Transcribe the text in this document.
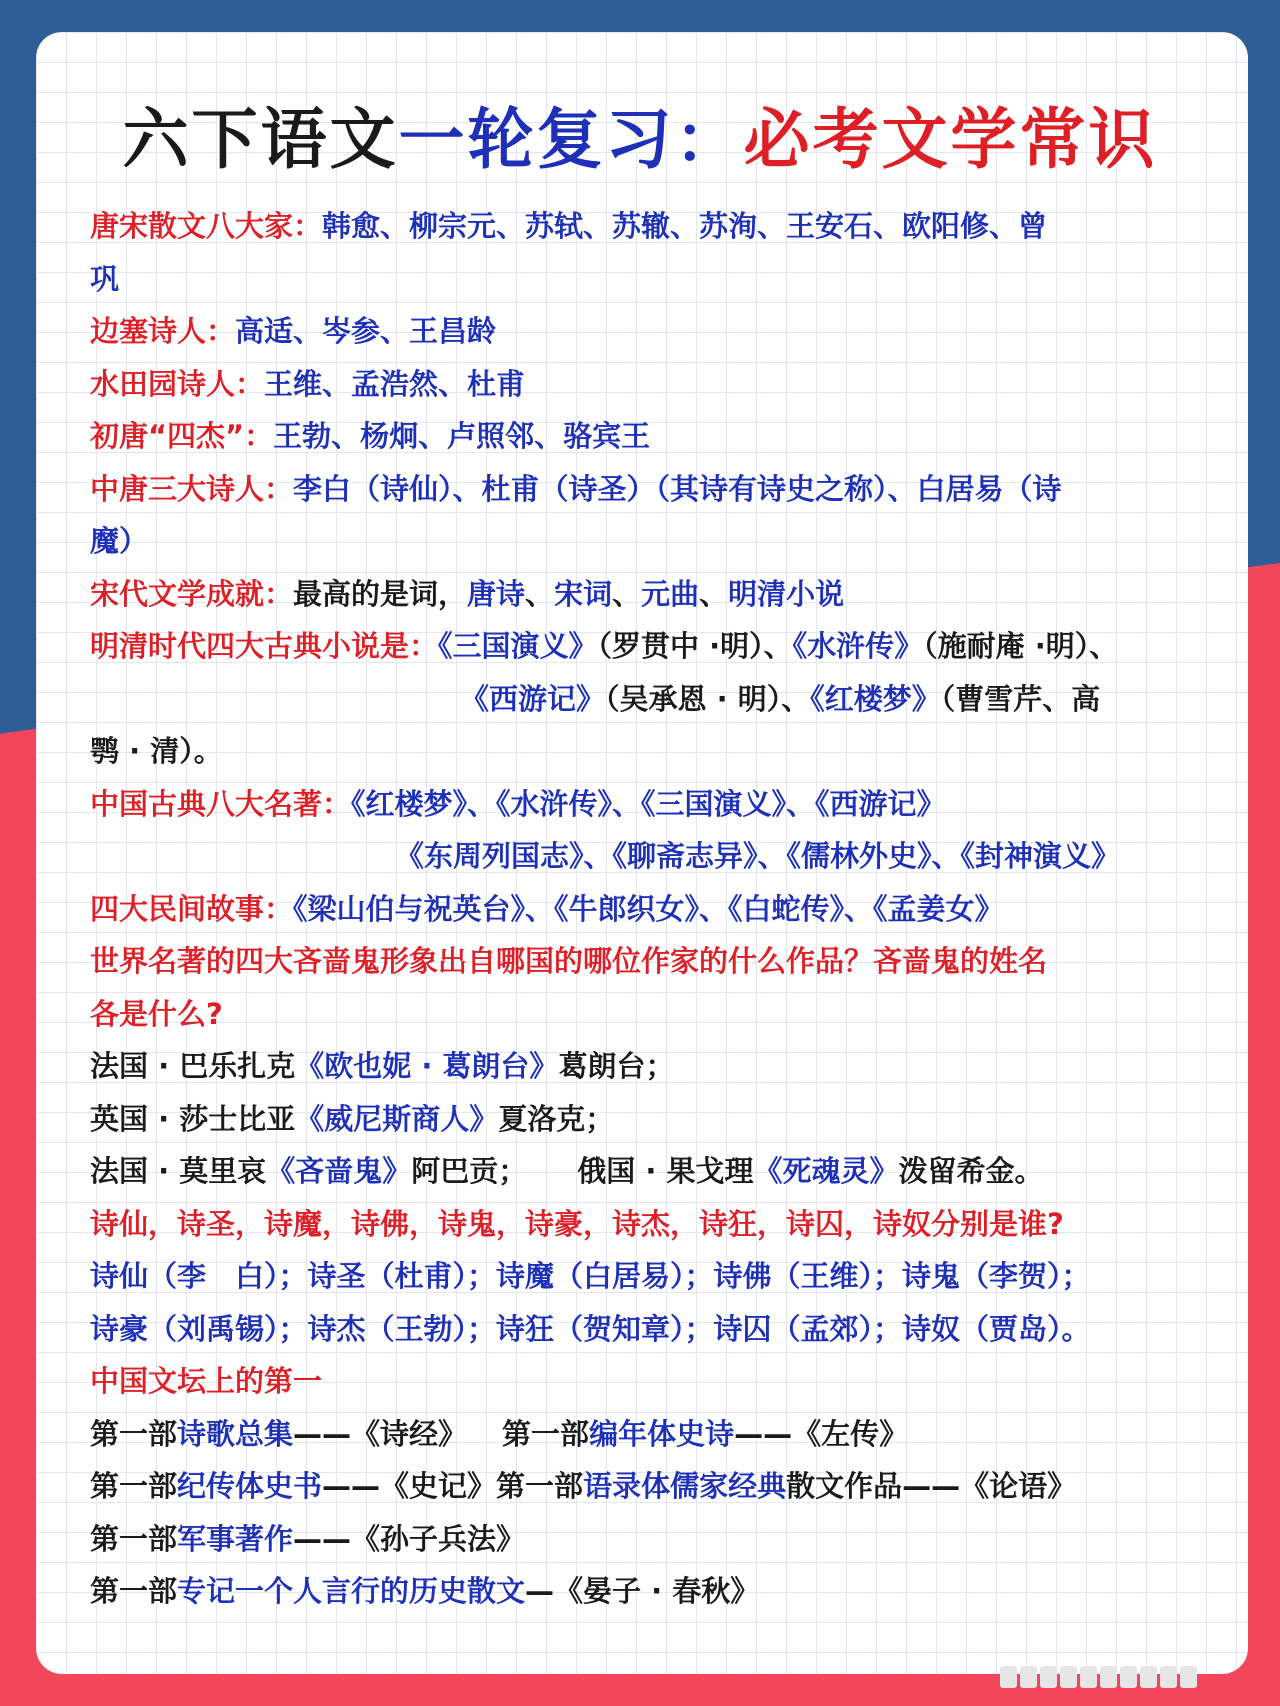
六下语文一轮复习：必考文学常识
唐宋散文八大家：韩愈、柳宗元、苏轼、苏辙、苏洵、王安石、欧阳修、曾
巩
边塞诗人：高适、岑参、王昌龄
水田园诗人：王维、孟浩然、杜甫
初唐“四杰”：王勃、杨炯、卢照邻、骆宾王
中唐三大诗人：李白（诗仙）、杜甫（诗圣）（其诗有诗史之称）、白居易（诗
魔）
宋代文学成就：最高的是词，唐诗、宋词、元曲、明清小说
明清时代四大古典小说是：《三国演义》（罗贯中 ·明）、《水浒传》（施耐庵 ·明）、
《西游记》（吴承恩 · 明）、《红楼梦》（曹雪芹、高
鹗 · 清）。
中国古典八大名著：《红楼梦》、《水浒传》、《三国演义》、《西游记》
《东周列国志》、《聊斋志异》、《儒林外史》、《封神演义》
四大民间故事：《梁山伯与祝英台》、《牛郎织女》、《白蛇传》、《孟姜女》
世界名著的四大吝啬鬼形象出自哪国的哪位作家的什么作品？吝啬鬼的姓名
各是什么?
法国 · 巴乐扎克《欧也妮 · 葛朗台》葛朗台；
英国 · 莎士比亚《威尼斯商人》夏洛克；
法国 · 莫里哀《吝啬鬼》阿巴贡； 俄国 · 果戈理《死魂灵》泼留希金。
诗仙，诗圣，诗魔，诗佛，诗鬼，诗豪，诗杰，诗狂，诗囚，诗奴分别是谁?
诗仙（李　白）；诗圣（杜甫）；诗魔（白居易）；诗佛（王维）；诗鬼（李贺）；
诗豪（刘禹锡）；诗杰（王勃）；诗狂（贺知章）；诗囚（孟郊）；诗奴（贾岛）。
中国文坛上的第一
第一部诗歌总集——《诗经》 第一部编年体史诗——《左传》
第一部纪传体史书——《史记》第一部语录体儒家经典散文作品——《论语》
第一部军事著作——《孙子兵法》
第一部专记一个人言行的历史散文—《晏子 · 春秋》
